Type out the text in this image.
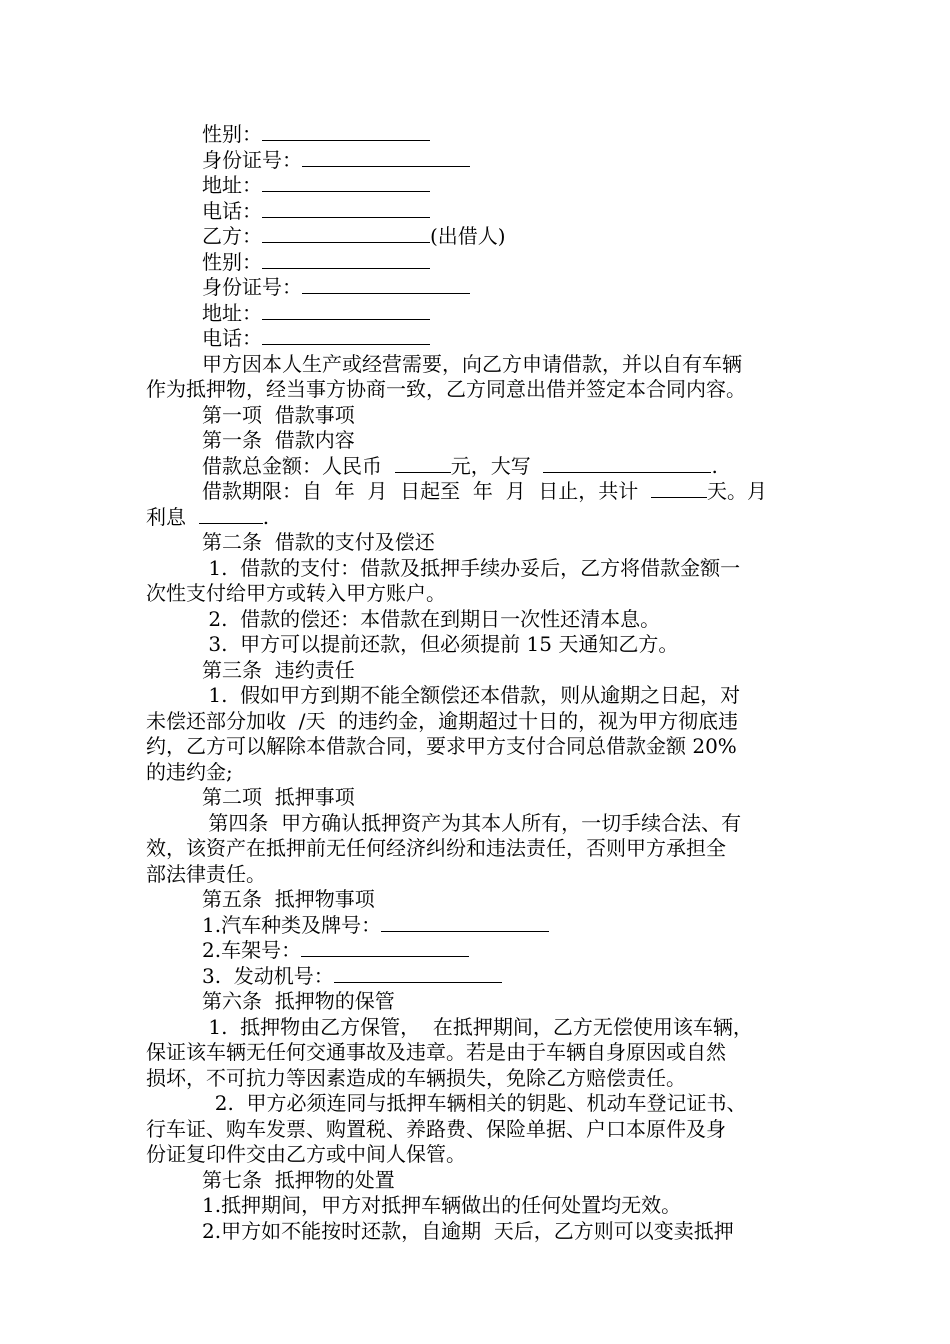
性别：
身份证号：
地址：
电话：
乙方：	(出借人)
性别：
身份证号：
地址：
电话：
甲方因本人生产或经营需要，向乙方申请借款，并以自有车辆
作为抵押物，经当事方协商一致，乙方同意出借并签定本合同内容。
第一项  借款事项
第一条  借款内容
借款总金额：人民币	元，大写	.
借款期限：自  年  月  日起至  年  月  日止，共计	天。月
利息	.
第二条  借款的支付及偿还
1.  借款的支付：借款及抵押手续办妥后，乙方将借款金额一
次性支付给甲方或转入甲方账户。
2.  借款的偿还：本借款在到期日一次性还清本息。
3.  甲方可以提前还款，但必须提前 15 天通知乙方。
第三条  违约责任
1.  假如甲方到期不能全额偿还本借款，则从逾期之日起，对
未偿还部分加收  /天  的违约金，逾期超过十日的，视为甲方彻底违
约，乙方可以解除本借款合同，要求甲方支付合同总借款金额 20%
的违约金;
第二项  抵押事项
第四条  甲方确认抵押资产为其本人所有，一切手续合法、有
效，该资产在抵押前无任何经济纠纷和违法责任，否则甲方承担全
部法律责任。
第五条  抵押物事项
1.汽车种类及牌号：
2.车架号：
3.  发动机号：
第六条  抵押物的保管
1.  抵押物由乙方保管，  在抵押期间，乙方无偿使用该车辆，
保证该车辆无任何交通事故及违章。若是由于车辆自身原因或自然
损坏，不可抗力等因素造成的车辆损失，免除乙方赔偿责任。
2.  甲方必须连同与抵押车辆相关的钥匙、机动车登记证书、
行车证、购车发票、购置税、养路费、保险单据、户口本原件及身
份证复印件交由乙方或中间人保管。
第七条  抵押物的处置
1.抵押期间，甲方对抵押车辆做出的任何处置均无效。
2.甲方如不能按时还款，自逾期  天后，乙方则可以变卖抵押
